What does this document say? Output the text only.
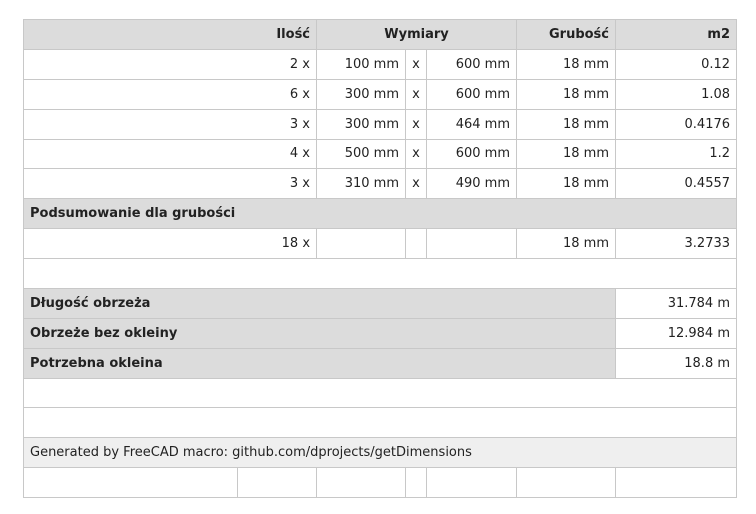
Ilość		Wymiary			Grubość	m2
2 x		100 mm	x	600 mm	18 mm	0.12
6 x		300 mm	x	600 mm	18 mm	1.08
3 x		300 mm	x	464 mm	18 mm	0.4176
4 x		500 mm	x	600 mm	18 mm	1.2
3 x		310 mm	x	490 mm	18 mm	0.4557
Podsumowanie dla grubości						
18 x					18 mm	3.2733

Długość obrzeża						31.784 m
Obrzeże bez okleiny						12.984 m
Potrzebna okleina						18.8 m

Generated by FreeCAD macro: github.com/dprojects/getDimensions						
